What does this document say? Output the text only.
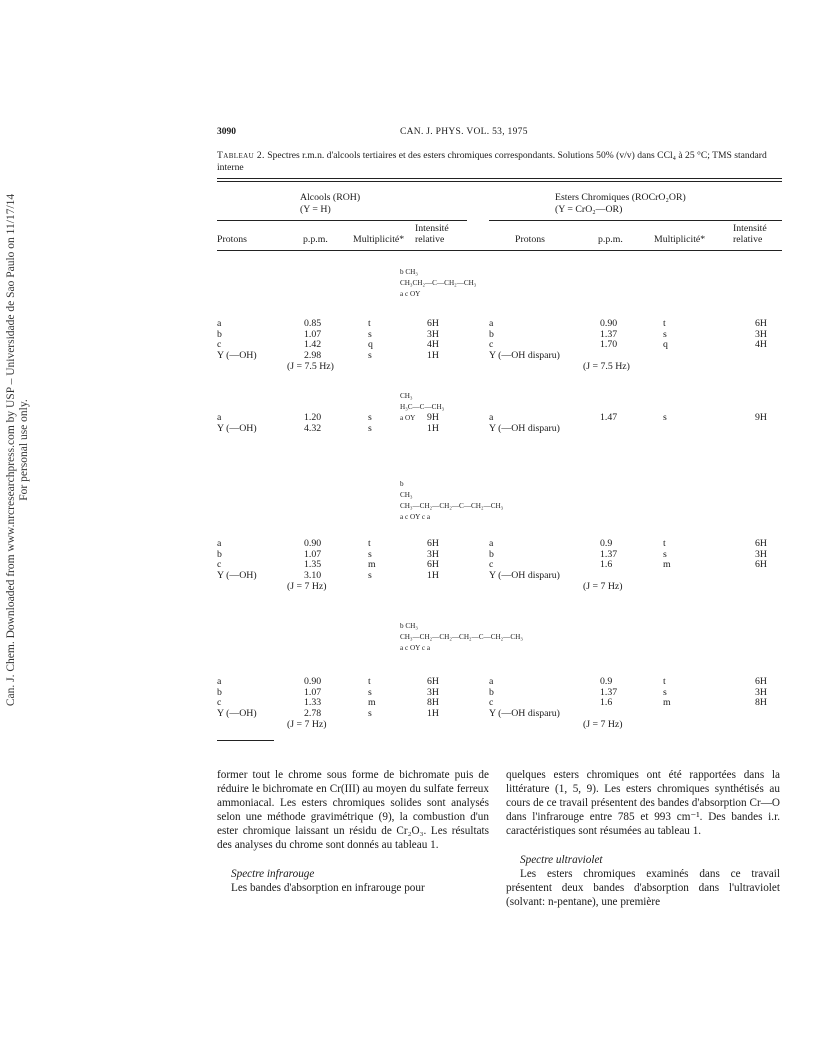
Can. J. Chem. Downloaded from www.nrcresearchpress.com by USP – Universidade de Sao Paulo on 11/17/14 For personal use only.
3090	CAN. J. PHYS. VOL. 53, 1975
Tableau 2. Spectres r.m.n. d'alcools tertiaires et des esters chromiques correspondants. Solutions 50% (v/v) dans CCl₄ à 25 °C; TMS standard interne
Alcools (ROH)
(Y = H)
Esters Chromiques (ROCrO₂OR)
(Y = CrO₂—OR)
Protons	p.p.m.	Multiplicité*
Intensité
relative	Protons	p.p.m.	Multiplicité*
Intensité
relative
b CH₃
CH₃CH₂—C—CH₂—CH₃
a c OY
a	0.85	t	6H	a	0.90	t	6H
b	1.07	s	3H	b	1.37	s	3H
c	1.42	q	4H	c	1.70	q	4H
Y (—OH)	2.98	s	1H	Y (—OH disparu)
(J = 7.5 Hz)	(J = 7.5 Hz)
CH₃
H₃C—C—CH₃
a OY
a	1.20	s	9H	a	1.47	s	9H
Y (—OH)	4.32	s	1H	Y (—OH disparu)
b
CH₃
CH₃—CH₂—CH₂—C—CH₂—CH₃
a c OY c a
a	0.90	t	6H	a	0.9	t	6H
b	1.07	s	3H	b	1.37	s	3H
c	1.35	m	6H	c	1.6	m	6H
Y (—OH)	3.10	s	1H	Y (—OH disparu)
(J = 7 Hz)	(J = 7 Hz)
b CH₃
CH₃—CH₂—CH₂—CH₂—C—CH₂—CH₃
a c OY c a
a	0.90	t	6H	a	0.9	t	6H
b	1.07	s	3H	b	1.37	s	3H
c	1.33	m	8H	c	1.6	m	8H
Y (—OH)	2.78	s	1H	Y (—OH disparu)
(J = 7 Hz)	(J = 7 Hz)

former tout le chrome sous forme de bichromate puis de réduire le bichromate en Cr(III) au moyen du sulfate ferreux ammoniacal. Les esters chromiques solides sont analysés selon une méthode gravimétrique (9), la combustion d'un ester chromique laissant un résidu de Cr₂O₃. Les résultats des analyses du chrome sont donnés au tableau 1.

Spectre infrarouge

Les bandes d'absorption en infrarouge pour

quelques esters chromiques ont été rapportées dans la littérature (1, 5, 9). Les esters chromiques synthétisés au cours de ce travail présentent des bandes d'absorption Cr—O dans l'infrarouge entre 785 et 993 cm⁻¹. Des bandes i.r. caractéristiques sont résumées au tableau 1.

Spectre ultraviolet

Les esters chromiques examinés dans ce travail présentent deux bandes d'absorption dans l'ultraviolet (solvant: n-pentane), une première
